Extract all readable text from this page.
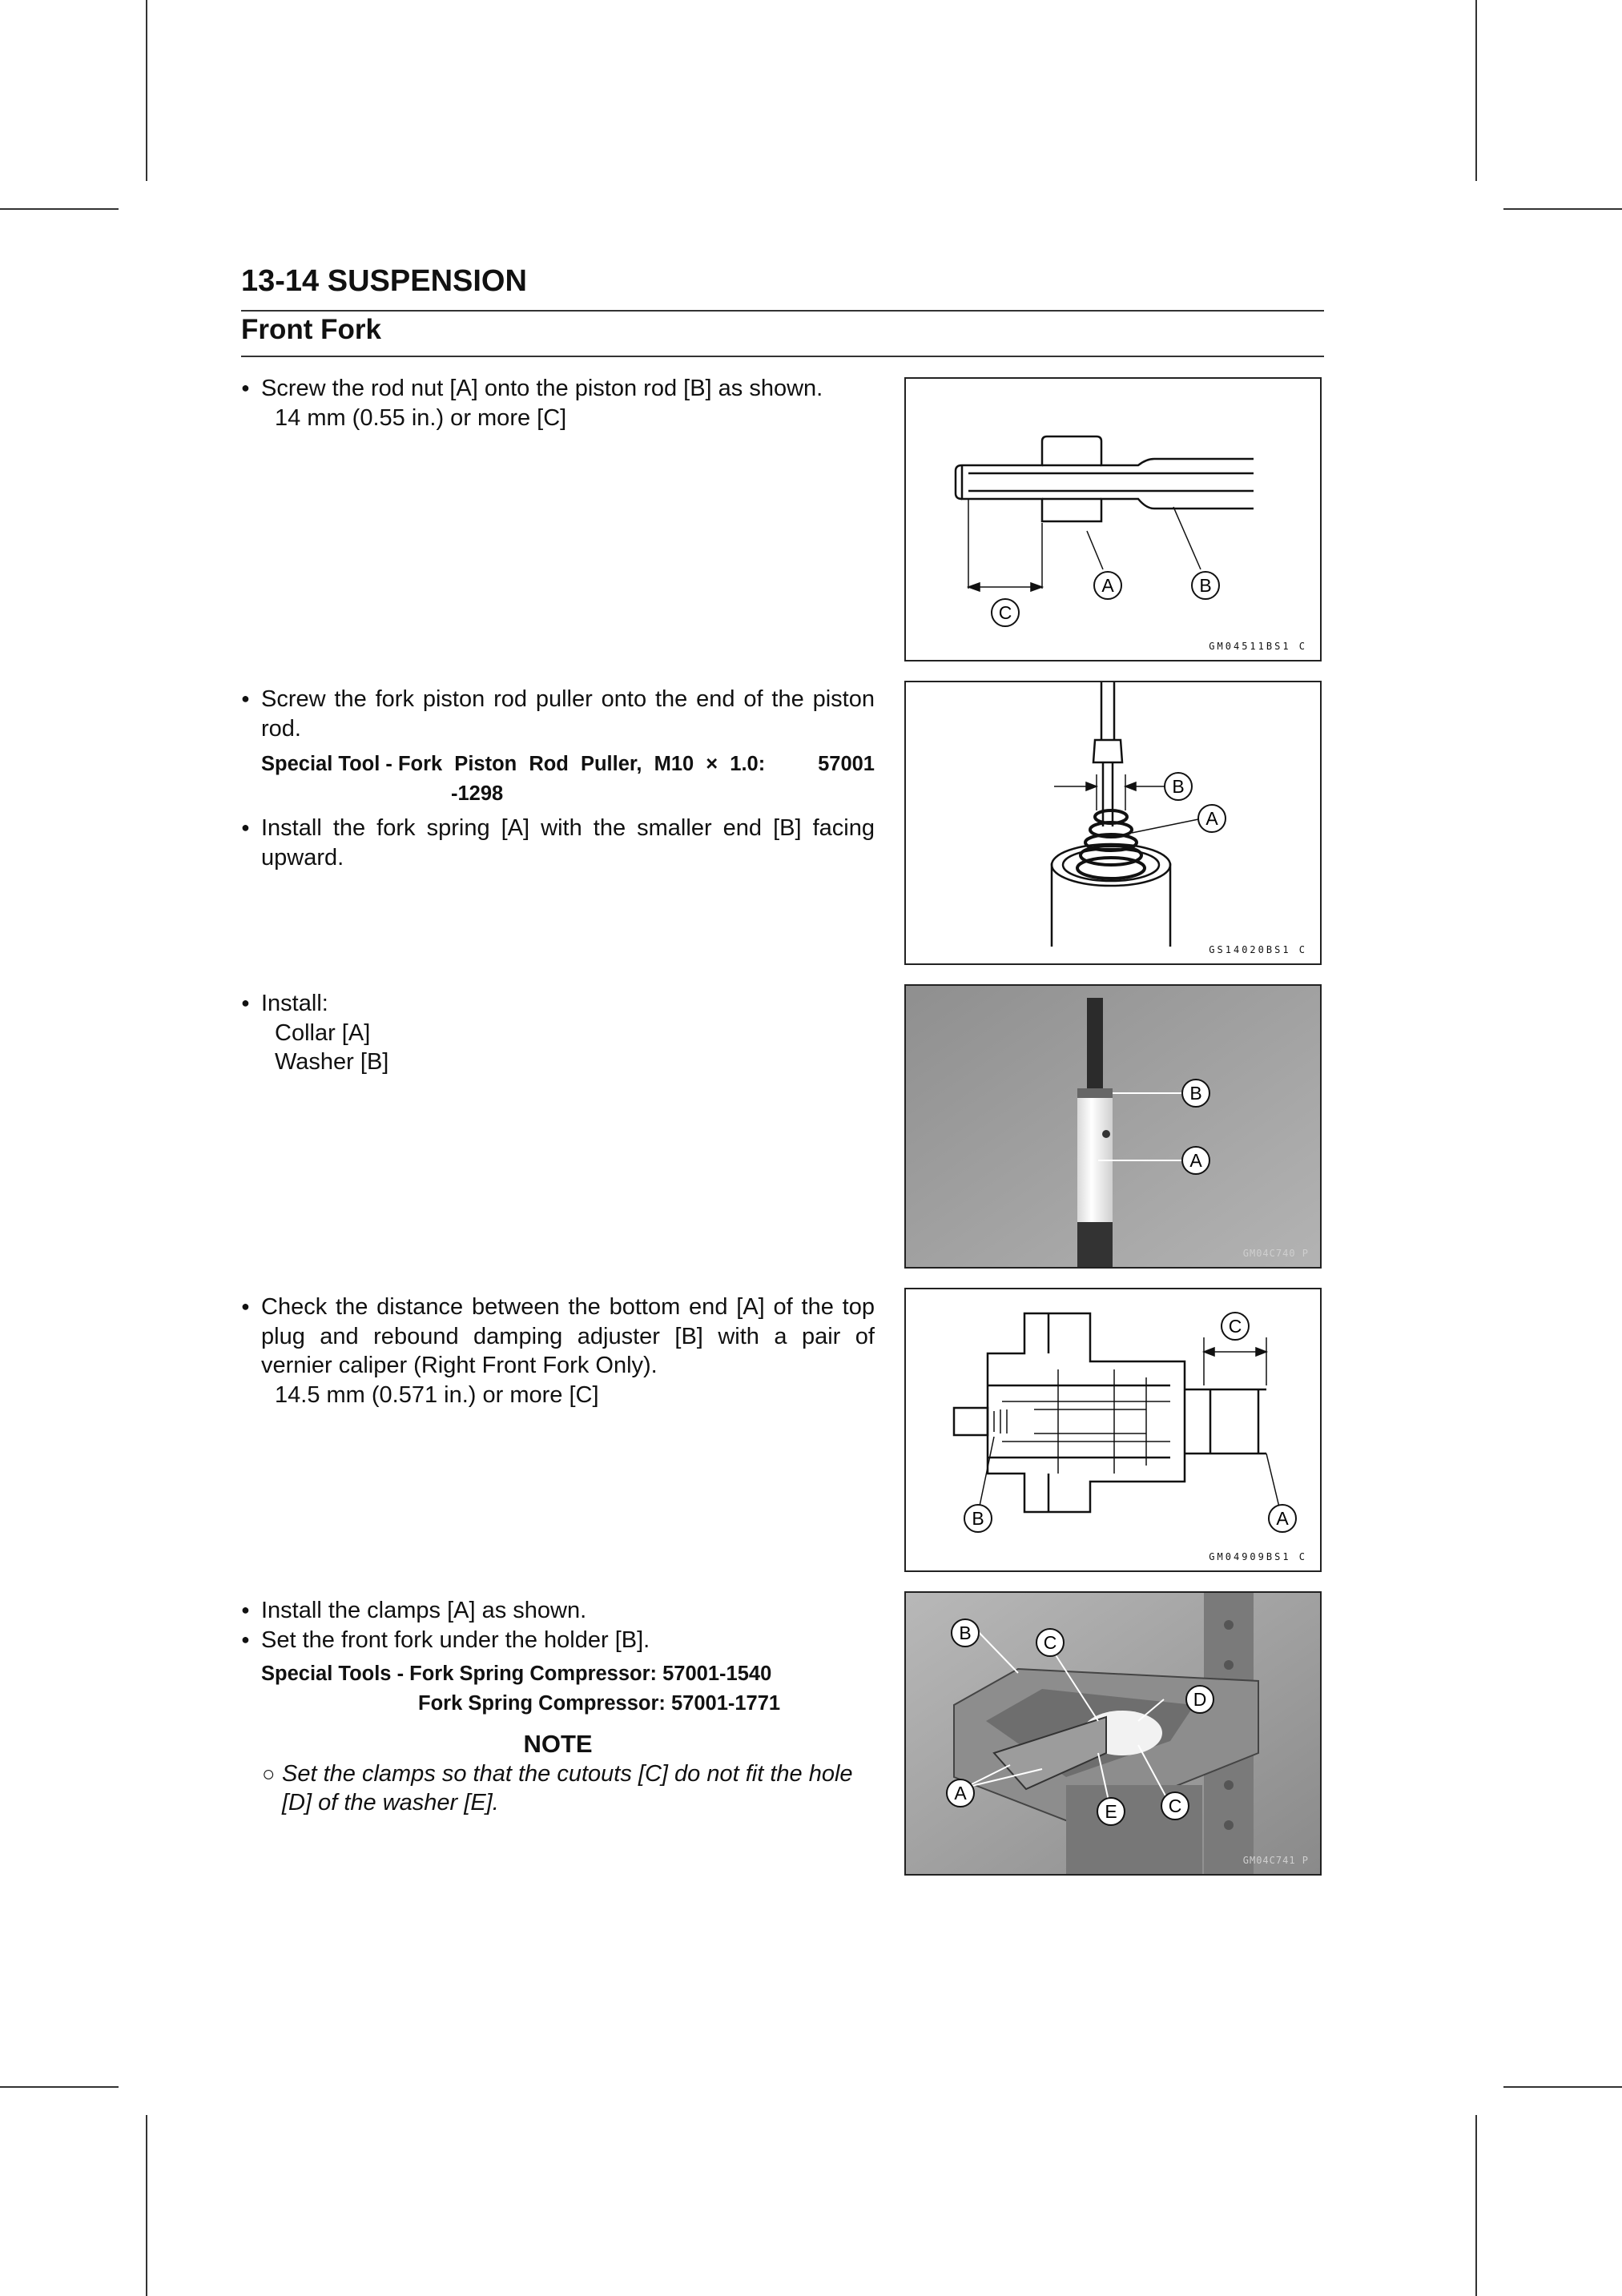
13-14 SUSPENSION
Front Fork
● Screw the rod nut [A] onto the piston rod [B] as shown.
14 mm (0.55 in.) or more [C]
● Screw the fork piston rod puller onto the end of the piston rod.
Special Tool - Fork Piston Rod Puller, M10 × 1.0:	57001
-1298
● Install the fork spring [A] with the smaller end [B] facing upward.
● Install:
Collar [A]
Washer [B]
● Check the distance between the bottom end [A] of the top plug and rebound damping adjuster [B] with a pair of vernier caliper (Right Front Fork Only).
14.5 mm (0.571 in.) or more [C]
● Install the clamps [A] as shown.
● Set the front fork under the holder [B].
Special Tools - Fork Spring Compressor: 57001-1540
Fork Spring Compressor: 57001-1771
NOTE
○ Set the clamps so that the cutouts [C] do not fit the hole [D] of the washer [E].
A	B
C
GM04511BS1 C
B
A
GS14020BS1 C
B
A
GM04C740 P
C
B	A
GM04909BS1 C
B	C
D
A
E	C
GM04C741 P
